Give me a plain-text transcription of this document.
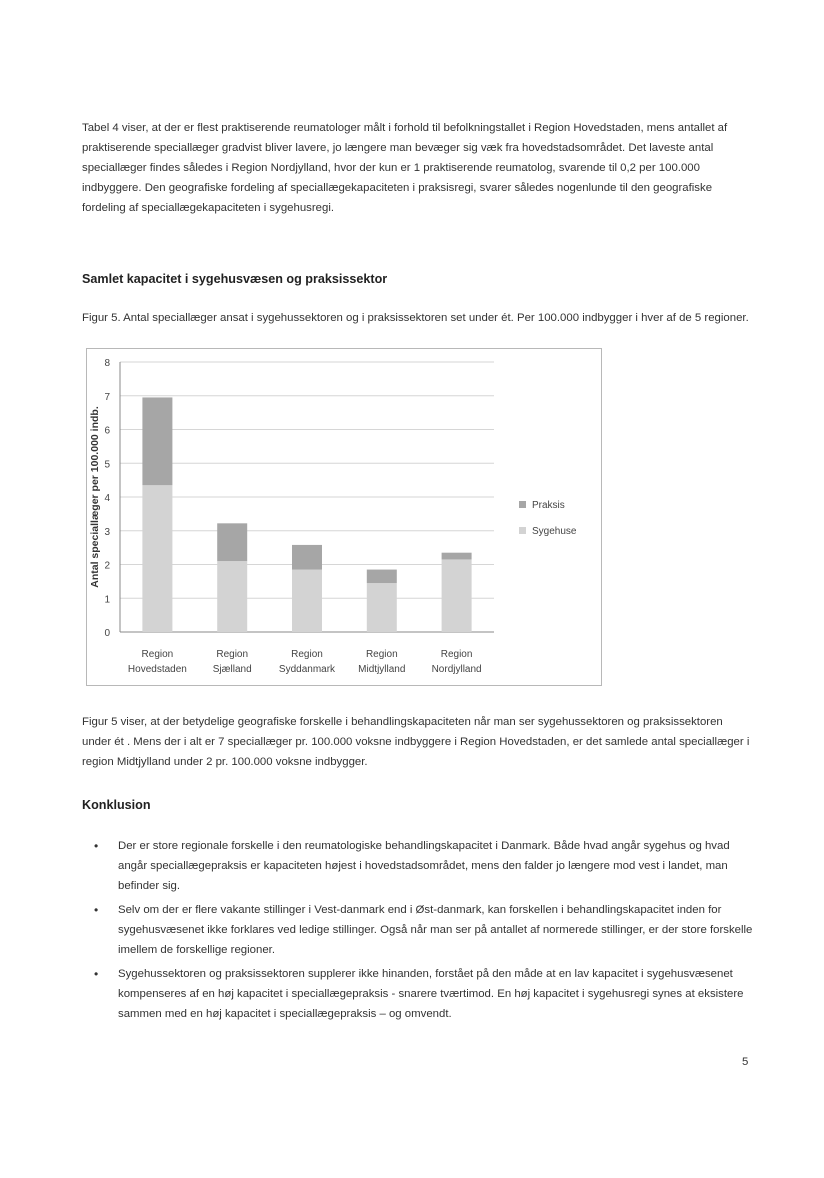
Tabel 4 viser, at der er flest praktiserende reumatologer målt i forhold til befolkningstallet i Region Hovedstaden, mens antallet af praktiserende speciallæger gradvist bliver lavere, jo længere man bevæger sig væk fra hovedstadsområdet. Det laveste antal speciallæger findes således i Region Nordjylland, hvor der kun er 1 praktiserende reumatolog, svarende til 0,2 per 100.000 indbyggere. Den geografiske fordeling af speciallægekapaciteten i praksisregi, svarer således nogenlunde til den geografiske fordeling af speciallægekapaciteten i sygehusregi.

Samlet kapacitet i sygehusvæsen og praksissektor

Figur 5. Antal speciallæger ansat i sygehussektoren og i praksissektoren set under ét. Per 100.000 indbygger i hver af de 5 regioner.

0
1
2
3
4
5
6
7
8
Antal speciallæger per 100.000 indb.
Region
Hovedstaden
Region
Sjælland
Region
Syddanmark
Region
Midtjylland
Region
Nordjylland
Praksis
Sygehuse

Figur 5 viser, at der betydelige geografiske forskelle i behandlingskapaciteten når man ser sygehussektoren og praksissektoren under ét . Mens der i alt er 7 speciallæger pr. 100.000 voksne indbyggere i Region Hovedstaden, er det samlede antal speciallæger i region Midtjylland under 2 pr. 100.000 voksne indbygger.

Konklusion
• Der er store regionale forskelle i den reumatologiske behandlingskapacitet i Danmark. Både hvad angår sygehus og hvad angår speciallægepraksis er kapaciteten højest i hovedstadsområdet, mens den falder jo længere mod vest i landet, man befinder sig.
• Selv om der er flere vakante stillinger i Vest-danmark end i Øst-danmark, kan forskellen i behandlingskapacitet inden for sygehusvæsenet ikke forklares ved ledige stillinger. Også når man ser på antallet af normerede stillinger, er der store forskelle imellem de forskellige regioner.
• Sygehussektoren og praksissektoren supplerer ikke hinanden, forstået på den måde at en lav kapacitet i sygehusvæsenet kompenseres af en høj kapacitet i speciallægepraksis - snarere tværtimod. En høj kapacitet i sygehusregi synes at eksistere sammen med en høj kapacitet i speciallægepraksis – og omvendt.
5
